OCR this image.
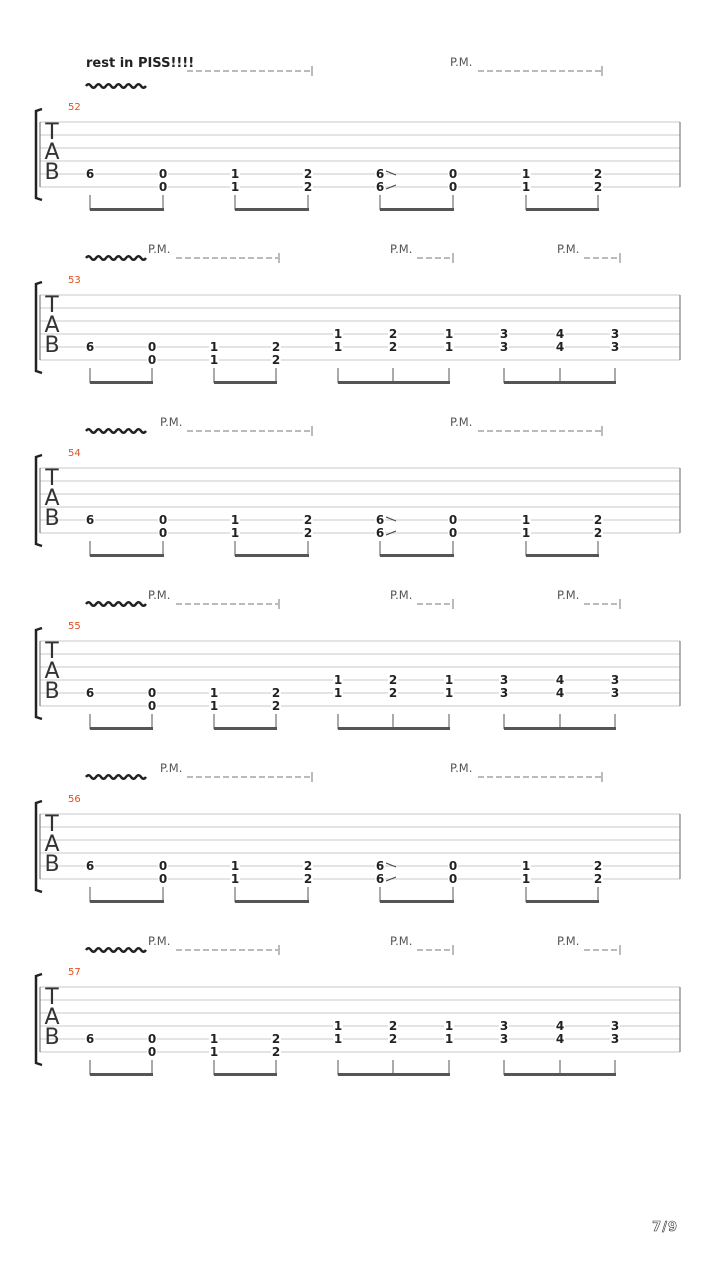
52
T
A
B
rest in PISS!!!!	P.M.
6	0
0
1
1
2
2
6
6
0
0
1
1
2
2
53
T
A
B
P.M.	P.M.	P.M.
6	0
0
1
1
2
2
1
1
2
2
1
1
3
3
4
4
3
3
54
T
A
B
P.M.	P.M.
6	0
0
1
1
2
2
6
6
0
0
1
1
2
2
55
T
A
B
P.M.	P.M.	P.M.
6	0
0
1
1
2
2
1
1
2
2
1
1
3
3
4
4
3
3
56
T
A
B
P.M.	P.M.
6	0
0
1
1
2
2
6
6
0
0
1
1
2
2
57
T
A
B
P.M.	P.M.	P.M.
6	0
0
1
1
2
2
1
1
2
2
1
1
3
3
4
4
3
3
7/9
